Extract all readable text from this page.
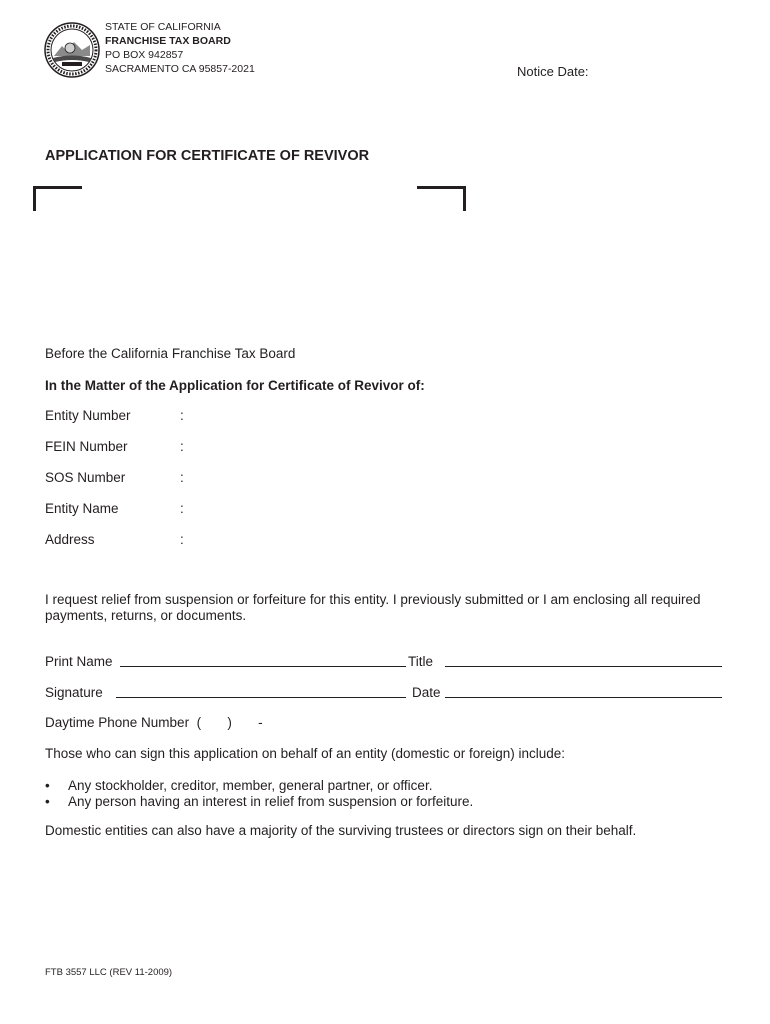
STATE OF CALIFORNIA
FRANCHISE TAX BOARD
PO BOX 942857
SACRAMENTO CA 95857-2021	Notice Date:
APPLICATION FOR CERTIFICATE OF REVIVOR
Before the California Franchise Tax Board
In the Matter of the Application for Certificate of Revivor of:
Entity Number	:
FEIN Number	:
SOS Number	:
Entity Name	:
Address	:
I request relief from suspension or forfeiture for this entity. I previously submitted or I am enclosing all required payments, returns, or documents.
Print Name	Title
Signature	Date
Daytime Phone Number  (       )       -
Those who can sign this application on behalf of an entity (domestic or foreign) include:
• Any stockholder, creditor, member, general partner, or officer.
• Any person having an interest in relief from suspension or forfeiture.
Domestic entities can also have a majority of the surviving trustees or directors sign on their behalf.
FTB 3557 LLC (REV 11-2009)
